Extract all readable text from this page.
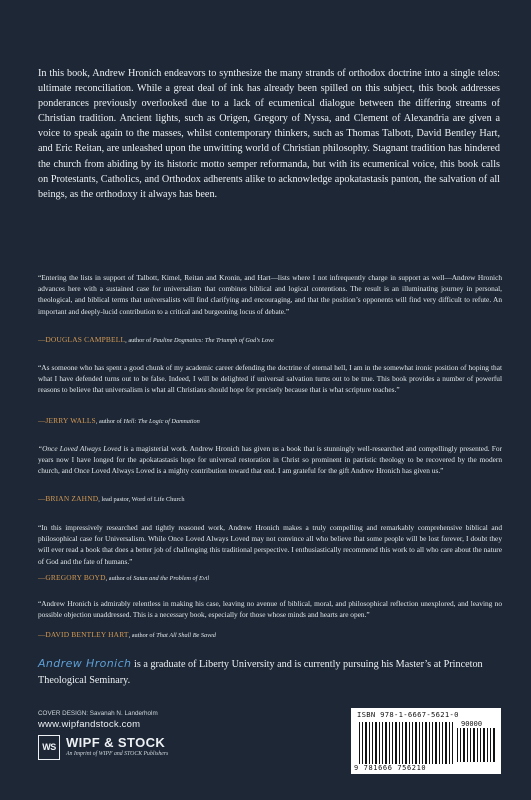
In this book, Andrew Hronich endeavors to synthesize the many strands of orthodox doctrine into a single telos: ultimate reconciliation. While a great deal of ink has already been spilled on this subject, this book addresses ponderances previously overlooked due to a lack of ecumenical dialogue between the differing streams of Christian tradition. Ancient lights, such as Origen, Gregory of Nyssa, and Clement of Alexandria are given a voice to speak again to the masses, whilst contemporary thinkers, such as Thomas Talbott, David Bentley Hart, and Eric Reitan, are unleashed upon the unwitting world of Christian philosophy. Stagnant tradition has hindered the church from abiding by its historic motto semper reformanda, but with its ecumenical voice, this book calls on Protestants, Catholics, and Orthodox adherents alike to acknowledge apokatastasis panton, the salvation of all beings, as the orthodoxy it always has been.

“Entering the lists in support of Talbott, Kimel, Reitan and Kronin, and Hart—lists where I not infrequently charge in support as well—Andrew Hronich advances here with a sustained case for universalism that combines biblical and logical contentions. The result is an illuminating journey in personal, theological, and biblical terms that universalists will find clarifying and encouraging, and that the position’s opponents will find very difficult to refute. An important and deeply-lucid contribution to a critical and burgeoning locus of debate.”

—DOUGLAS CAMPBELL, author of Pauline Dogmatics: The Triumph of God’s Love

“As someone who has spent a good chunk of my academic career defending the doctrine of eternal hell, I am in the somewhat ironic position of hoping that what I have defended turns out to be false. Indeed, I will be delighted if universal salvation turns out to be true. This book provides a number of powerful reasons to believe that universalism is what all Christians should hope for precisely because that is what scripture teaches.”

—JERRY WALLS, author of Hell: The Logic of Damnation

“Once Loved Always Loved is a magisterial work. Andrew Hronich has given us a book that is stunningly well-researched and compellingly presented. For years now I have longed for the apokatastasis hope for universal restoration in Christ so prominent in patristic theology to be recovered by the modern church, and Once Loved Always Loved is a mighty contribution toward that end. I am grateful for the gift Andrew Hronich has given us.”

—BRIAN ZAHND, lead pastor, Word of Life Church

“In this impressively researched and tightly reasoned work, Andrew Hronich makes a truly compelling and remarkably comprehensive biblical and philosophical case for Universalism. While Once Loved Always Loved may not convince all who believe that some people will be lost forever, I doubt they will ever read a book that does a better job of challenging this traditional perspective. I enthusiastically recommend this work to all who care about the nature of God and the fate of humans.”

—GREGORY BOYD, author of Satan and the Problem of Evil

“Andrew Hronich is admirably relentless in making his case, leaving no avenue of biblical, moral, and philosophical reflection unexplored, and leaving no possible objection unaddressed. This is a necessary book, especially for those whose minds and hearts are open.”

—DAVID BENTLEY HART, author of That All Shall Be Saved
Andrew Hronich is a graduate of Liberty University and is currently pursuing his Master’s at Princeton Theological Seminary.
COVER DESIGN: Savanah N. Landerholm
www.wipfandstock.com
WS WIPF & STOCK
An Imprint of WIPF and STOCK Publishers
ISBN 978-1-6667-5621-0
90000
9 781666 756210
